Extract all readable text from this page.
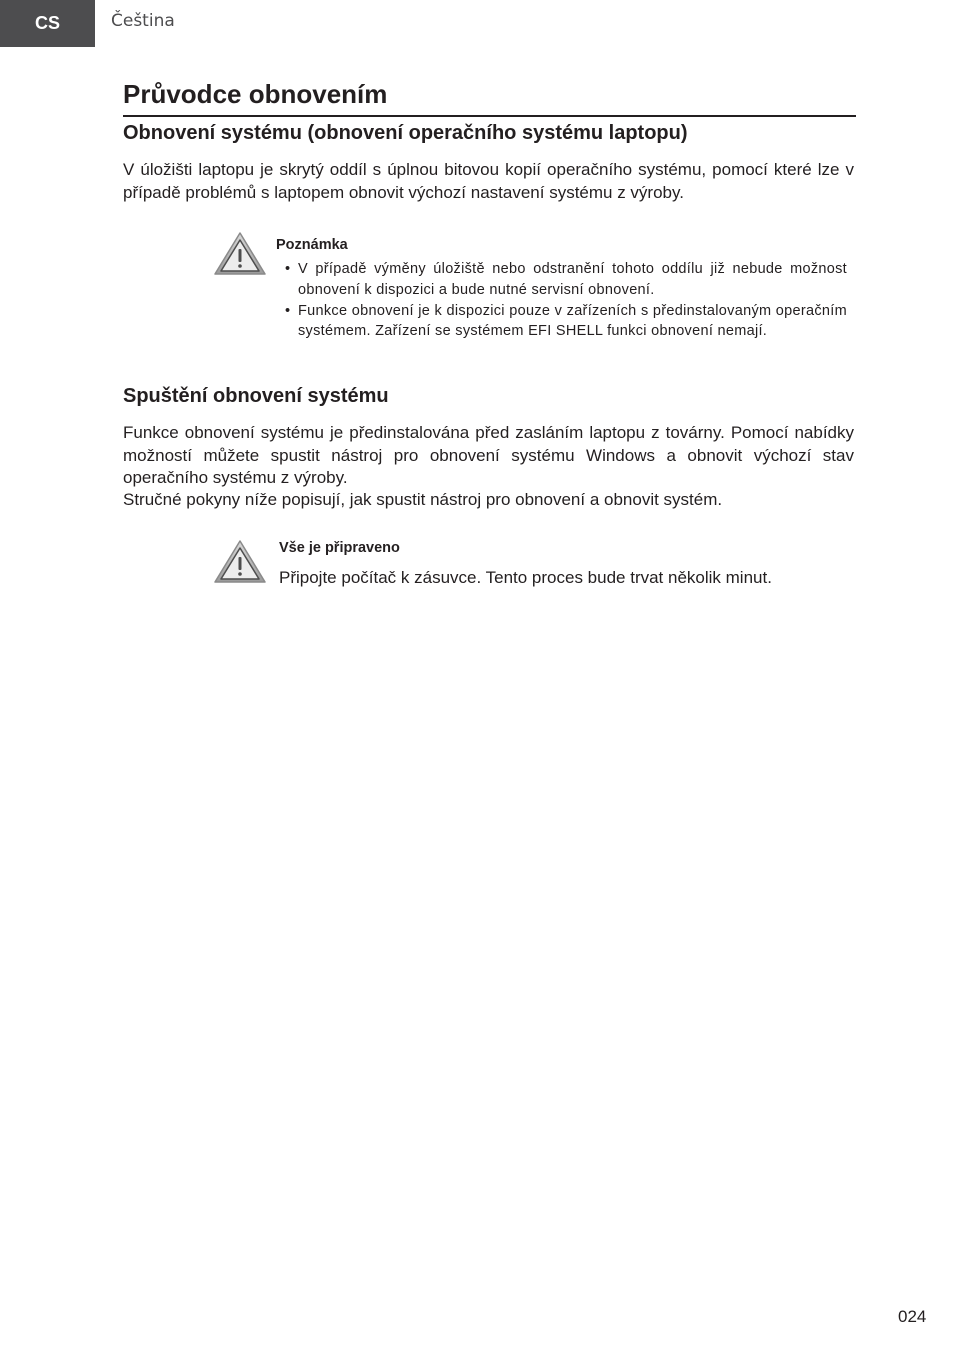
CS	Čeština
Průvodce obnovením
Obnovení systému (obnovení operačního systému laptopu)

V úložišti laptopu je skrytý oddíl s úplnou bitovou kopií operačního systému, pomocí které lze v případě problémů s laptopem obnovit výchozí nastavení systému z výroby.

Poznámka
• V případě výměny úložiště nebo odstranění tohoto oddílu již nebude možnost obnovení k dispozici a bude nutné servisní obnovení.
• Funkce obnovení je k dispozici pouze v zařízeních s předinstalovaným operačním systémem. Zařízení se systémem EFI SHELL funkci obnovení nemají.
Spuštění obnovení systému

Funkce obnovení systému je předinstalována před zasláním laptopu z továrny. Pomocí nabídky možností můžete spustit nástroj pro obnovení systému Windows a obnovit výchozí stav operačního systému z výroby.

Stručné pokyny níže popisují, jak spustit nástroj pro obnovení a obnovit systém.

Vše je připraveno

Připojte počítač k zásuvce. Tento proces bude trvat několik minut.

024
